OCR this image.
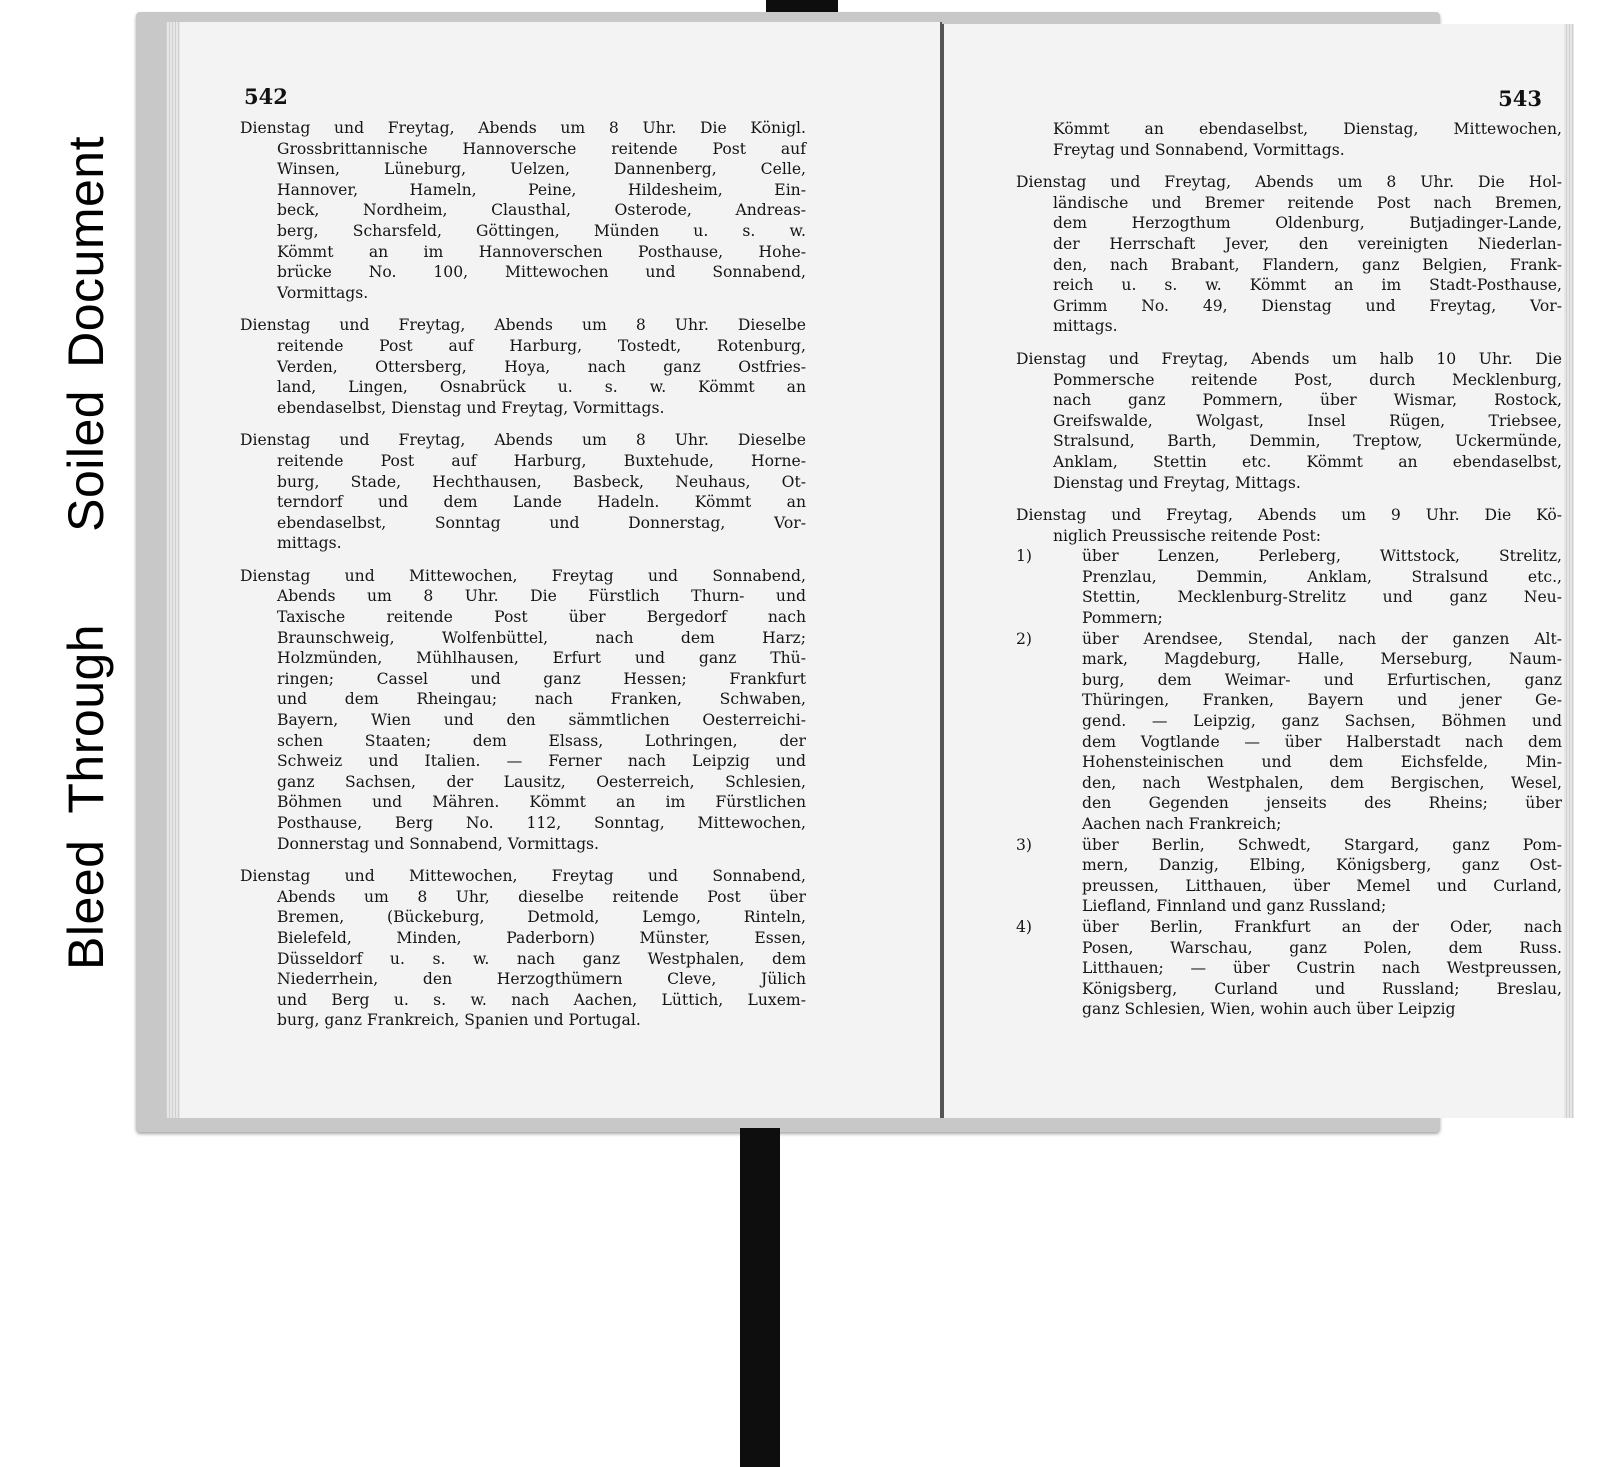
BleedThroughSoiledDocument
542
Dienstag und Freytag, Abends um 8 Uhr. Die Königl.
Grossbrittannische Hannoversche reitende Post auf
Winsen, Lüneburg, Uelzen, Dannenberg, Celle,
Hannover, Hameln, Peine, Hildesheim, Ein-
beck, Nordheim, Clausthal, Osterode, Andreas-
berg, Scharsfeld, Göttingen, Münden u. s. w.
Kömmt an im Hannoverschen Posthause, Hohe-
brücke No. 100, Mittewochen und Sonnabend,
Vormittags.
Dienstag und Freytag, Abends um 8 Uhr. Dieselbe
reitende Post auf Harburg, Tostedt, Rotenburg,
Verden, Ottersberg, Hoya, nach ganz Ostfries-
land, Lingen, Osnabrück u. s. w. Kömmt an
ebendaselbst, Dienstag und Freytag, Vormittags.
Dienstag und Freytag, Abends um 8 Uhr. Dieselbe
reitende Post auf Harburg, Buxtehude, Horne-
burg, Stade, Hechthausen, Basbeck, Neuhaus, Ot-
terndorf und dem Lande Hadeln. Kömmt an
ebendaselbst, Sonntag und Donnerstag, Vor-
mittags.
Dienstag und Mittewochen, Freytag und Sonnabend,
Abends um 8 Uhr. Die Fürstlich Thurn- und
Taxische reitende Post über Bergedorf nach
Braunschweig, Wolfenbüttel, nach dem Harz;
Holzmünden, Mühlhausen, Erfurt und ganz Thü-
ringen; Cassel und ganz Hessen; Frankfurt
und dem Rheingau; nach Franken, Schwaben,
Bayern, Wien und den sämmtlichen Oesterreichi-
schen Staaten; dem Elsass, Lothringen, der
Schweiz und Italien. — Ferner nach Leipzig und
ganz Sachsen, der Lausitz, Oesterreich, Schlesien,
Böhmen und Mähren. Kömmt an im Fürstlichen
Posthause, Berg No. 112, Sonntag, Mittewochen,
Donnerstag und Sonnabend, Vormittags.
Dienstag und Mittewochen, Freytag und Sonnabend,
Abends um 8 Uhr, dieselbe reitende Post über
Bremen, (Bückeburg, Detmold, Lemgo, Rinteln,
Bielefeld, Minden, Paderborn) Münster, Essen,
Düsseldorf u. s. w. nach ganz Westphalen, dem
Niederrhein, den Herzogthümern Cleve, Jülich
und Berg u. s. w. nach Aachen, Lüttich, Luxem-
burg, ganz Frankreich, Spanien und Portugal.
543
Kömmt an ebendaselbst, Dienstag, Mittewochen,
Freytag und Sonnabend, Vormittags.
Dienstag und Freytag, Abends um 8 Uhr. Die Hol-
ländische und Bremer reitende Post nach Bremen,
dem Herzogthum Oldenburg, Butjadinger-Lande,
der Herrschaft Jever, den vereinigten Niederlan-
den, nach Brabant, Flandern, ganz Belgien, Frank-
reich u. s. w. Kömmt an im Stadt-Posthause,
Grimm No. 49, Dienstag und Freytag, Vor-
mittags.
Dienstag und Freytag, Abends um halb 10 Uhr. Die
Pommersche reitende Post, durch Mecklenburg,
nach ganz Pommern, über Wismar, Rostock,
Greifswalde, Wolgast, Insel Rügen, Triebsee,
Stralsund, Barth, Demmin, Treptow, Uckermünde,
Anklam, Stettin etc. Kömmt an ebendaselbst,
Dienstag und Freytag, Mittags.
Dienstag und Freytag, Abends um 9 Uhr. Die Kö-
niglich Preussische reitende Post:
1)	über Lenzen, Perleberg, Wittstock, Strelitz,
Prenzlau, Demmin, Anklam, Stralsund etc.,
Stettin, Mecklenburg-Strelitz und ganz Neu-
Pommern;
2)	über Arendsee, Stendal, nach der ganzen Alt-
mark, Magdeburg, Halle, Merseburg, Naum-
burg, dem Weimar- und Erfurtischen, ganz
Thüringen, Franken, Bayern und jener Ge-
gend. — Leipzig, ganz Sachsen, Böhmen und
dem Vogtlande — über Halberstadt nach dem
Hohensteinischen und dem Eichsfelde, Min-
den, nach Westphalen, dem Bergischen, Wesel,
den Gegenden jenseits des Rheins; über
Aachen nach Frankreich;
3)	über Berlin, Schwedt, Stargard, ganz Pom-
mern, Danzig, Elbing, Königsberg, ganz Ost-
preussen, Litthauen, über Memel und Curland,
Liefland, Finnland und ganz Russland;
4)	über Berlin, Frankfurt an der Oder, nach
Posen, Warschau, ganz Polen, dem Russ.
Litthauen; — über Custrin nach Westpreussen,
Königsberg, Curland und Russland; Breslau,
ganz Schlesien, Wien, wohin auch über Leipzig
